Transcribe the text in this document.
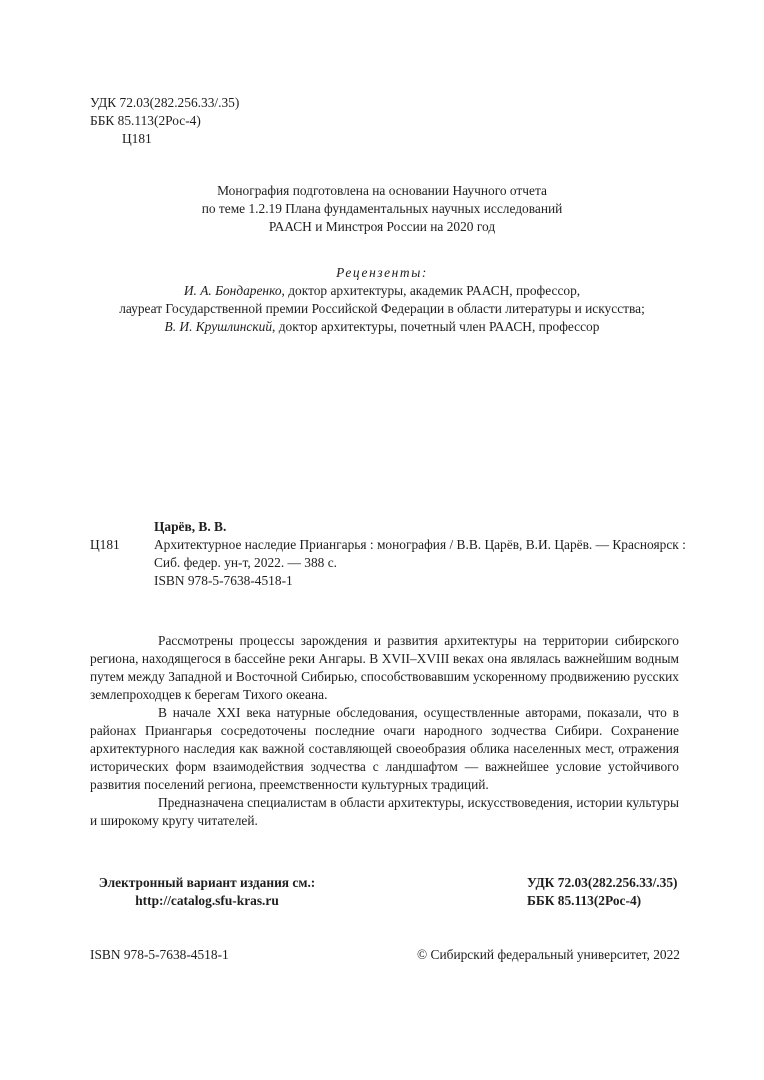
УДК 72.03(282.256.33/.35)
ББК 85.113(2Рос-4)
Ц181
Монография подготовлена на основании Научного отчета
по теме 1.2.19 Плана фундаментальных научных исследований
РААСН и Минстроя России на 2020 год
Рецензенты:
И. А. Бондаренко, доктор архитектуры, академик РААСН, профессор,
лауреат Государственной премии Российской Федерации в области литературы и искусства;
В. И. Крушлинский, доктор архитектуры, почетный член РААСН, профессор
Царёв, В. В.
Ц181	Архитектурное наследие Приангарья : монография / В.В. Царёв, В.И. Царёв. — Красноярск :
Сиб. федер. ун-т, 2022. — 388 с.
ISBN 978-5-7638-4518-1
Рассмотрены процессы зарождения и развития архитектуры на территории сибирского региона, находящегося в бассейне реки Ангары. В XVII–XVIII веках она являлась важнейшим водным путем между Западной и Восточной Сибирью, способствовавшим ускоренному продвижению русских землепроходцев к берегам Тихого океана.
В начале XXI века натурные обследования, осуществленные авторами, показали, что в районах Приангарья сосредоточены последние очаги народного зодчества Сибири. Сохранение архитектурного наследия как важной составляющей своеобразия облика населенных мест, отражения исторических форм взаимодействия зодчества с ландшафтом — важнейшее условие устойчивого развития поселений региона, преемственности культурных традиций.
Предназначена специалистам в области архитектуры, искусствоведения, истории культуры и широкому кругу читателей.
Электронный вариант издания см.:
http://catalog.sfu-kras.ru
УДК 72.03(282.256.33/.35)
ББК 85.113(2Рос-4)
ISBN 978-5-7638-4518-1	© Сибирский федеральный университет, 2022
